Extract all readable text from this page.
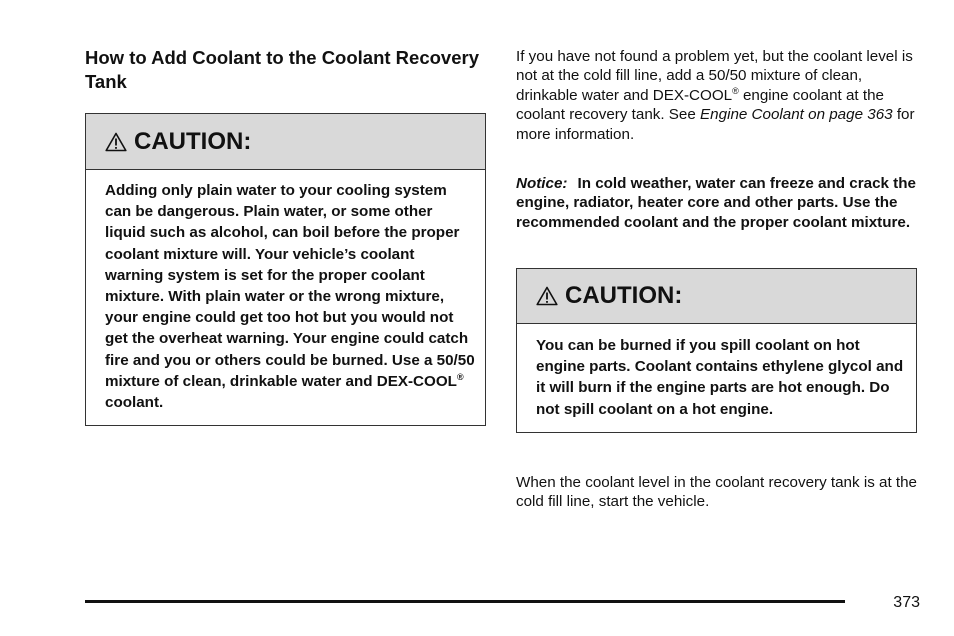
How to Add Coolant to the Coolant Recovery Tank
CAUTION:
Adding only plain water to your cooling system can be dangerous. Plain water, or some other liquid such as alcohol, can boil before the proper coolant mixture will. Your vehicle’s coolant warning system is set for the proper coolant mixture. With plain water or the wrong mixture, your engine could get too hot but you would not get the overheat warning. Your engine could catch fire and you or others could be burned. Use a 50/50 mixture of clean, drinkable water and DEX-COOL® coolant.

If you have not found a problem yet, but the coolant level is not at the cold fill line, add a 50/50 mixture of clean, drinkable water and DEX-COOL® engine coolant at the coolant recovery tank. See Engine Coolant on page 363 for more information.

Notice: In cold weather, water can freeze and crack the engine, radiator, heater core and other parts. Use the recommended coolant and the proper coolant mixture.

CAUTION:
You can be burned if you spill coolant on hot engine parts. Coolant contains ethylene glycol and it will burn if the engine parts are hot enough. Do not spill coolant on a hot engine.

When the coolant level in the coolant recovery tank is at the cold fill line, start the vehicle.

373
